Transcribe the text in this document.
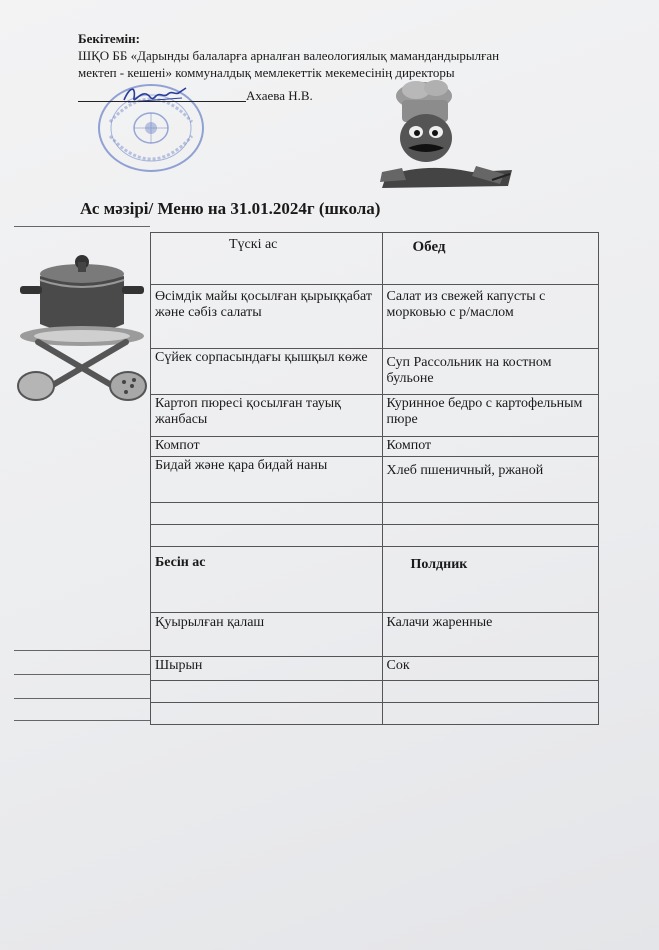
Бекітемін:
ШҚО ББ «Дарынды балаларға арналған валеологиялық мамандандырылған
мектеп - кешені» коммуналдық мемлекеттік мекемесінің директоры
Ахаева Н.В.
Ас мәзірі/ Меню на 31.01.2024г (школа)
Түскі ас	Обед
Өсімдік майы қосылған қырыққабат және сәбіз салаты	Салат из свежей капусты с морковью с р/маслом
Сүйек сорпасындағы қышқыл көже	Суп Рассольник на костном бульоне
Картоп пюресі қосылған тауық жанбасы	Куринное бедро с картофельным пюре
Компот	Компот
Бидай және қара бидай наны	Хлеб пшеничный, ржаной

Бесін ас	Полдник
Қуырылған қалаш	Калачи жаренные
Шырын	Сок
